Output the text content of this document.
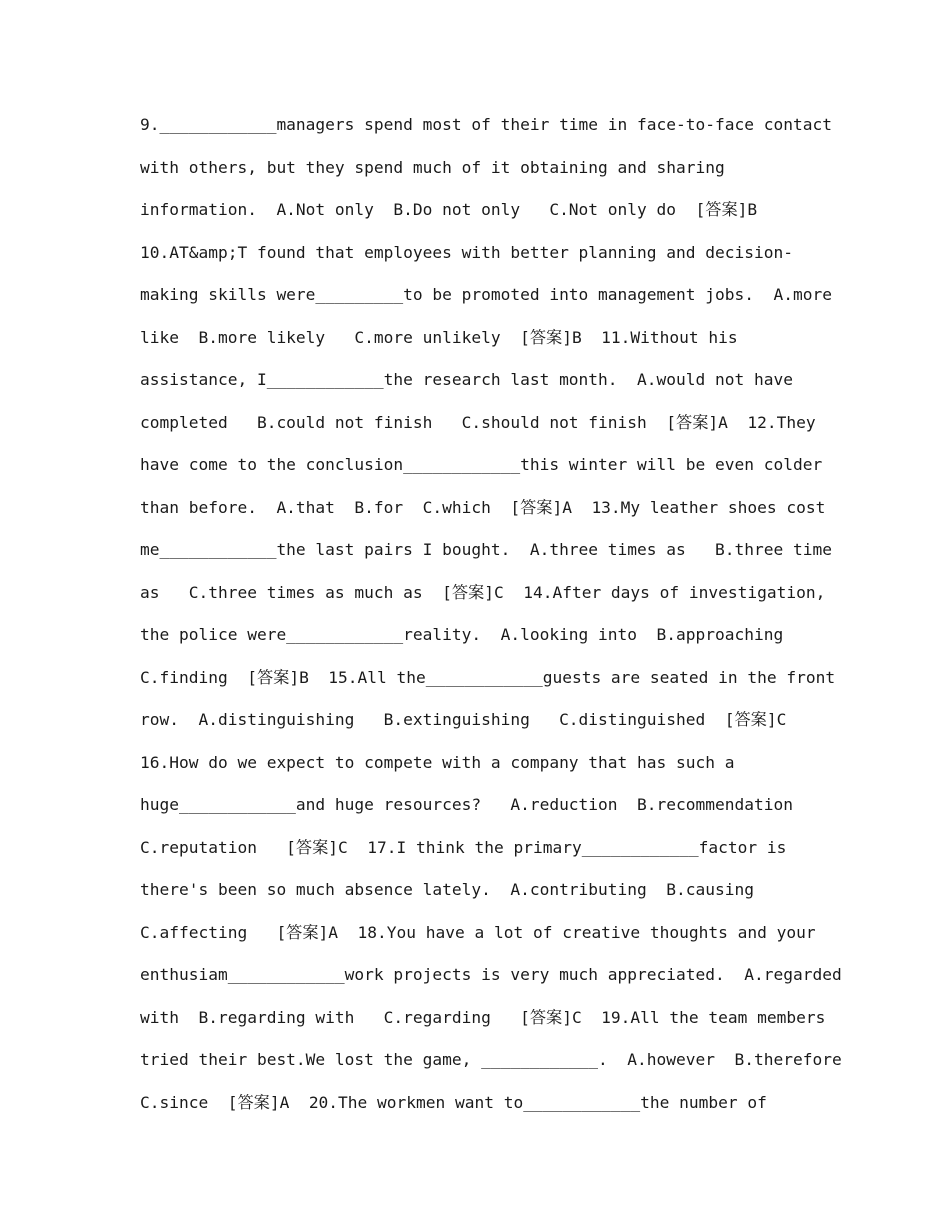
9.____________managers spend most of their time in face-to-face contact
with others, but they spend much of it obtaining and sharing
information.  A.Not only  B.Do not only   C.Not only do  [答案]B
10.AT&amp;T found that employees with better planning and decision-
making skills were_________to be promoted into management jobs.  A.more
like  B.more likely   C.more unlikely  [答案]B  11.Without his
assistance, I____________the research last month.  A.would not have
completed   B.could not finish   C.should not finish  [答案]A  12.They
have come to the conclusion____________this winter will be even colder
than before.  A.that  B.for  C.which  [答案]A  13.My leather shoes cost
me____________the last pairs I bought.  A.three times as   B.three time
as   C.three times as much as  [答案]C  14.After days of investigation,
the police were____________reality.  A.looking into  B.approaching
C.finding  [答案]B  15.All the____________guests are seated in the front
row.  A.distinguishing   B.extinguishing   C.distinguished  [答案]C
16.How do we expect to compete with a company that has such a
huge____________and huge resources?   A.reduction  B.recommendation
C.reputation   [答案]C  17.I think the primary____________factor is
there's been so much absence lately.  A.contributing  B.causing
C.affecting   [答案]A  18.You have a lot of creative thoughts and your
enthusiam____________work projects is very much appreciated.  A.regarded
with  B.regarding with   C.regarding   [答案]C  19.All the team members
tried their best.We lost the game, ____________.  A.however  B.therefore
C.since  [答案]A  20.The workmen want to____________the number of
